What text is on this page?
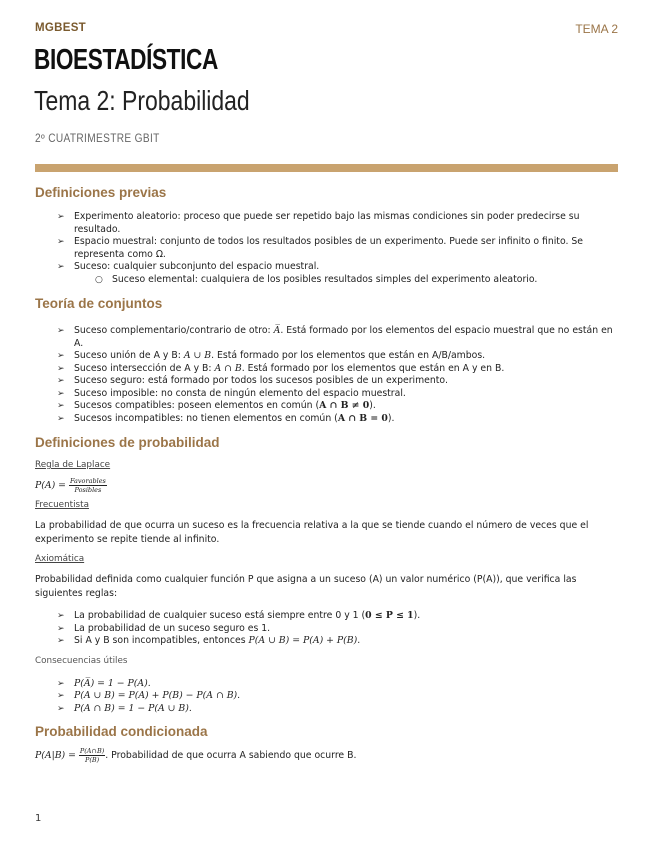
MGBEST	TEMA 2
BIOESTADÍSTICA
Tema 2: Probabilidad
2º CUATRIMESTRE GBIT
Definiciones previas
➢ Experimento aleatorio: proceso que puede ser repetido bajo las mismas condiciones sin poder predecirse su resultado.
➢ Espacio muestral: conjunto de todos los resultados posibles de un experimento. Puede ser infinito o finito. Se representa como Ω.
➢ Suceso: cualquier subconjunto del espacio muestral.
○ Suceso elemental: cualquiera de los posibles resultados simples del experimento aleatorio.
Teoría de conjuntos
➢ Suceso complementario/contrario de otro: A̅. Está formado por los elementos del espacio muestral que no están en A.
➢ Suceso unión de A y B: A ∪ B. Está formado por los elementos que están en A/B/ambos.
➢ Suceso intersección de A y B: A ∩ B. Está formado por los elementos que están en A y en B.
➢ Suceso seguro: está formado por todos los sucesos posibles de un experimento.
➢ Suceso imposible: no consta de ningún elemento del espacio muestral.
➢ Sucesos compatibles: poseen elementos en común (A ∩ B ≠ 0).
➢ Sucesos incompatibles: no tienen elementos en común (A ∩ B = 0).
Definiciones de probabilidad

Regla de Laplace

$P(A) = \frac{\text{Favorables}}{\text{Posibles}}$

Frecuentista

La probabilidad de que ocurra un suceso es la frecuencia relativa a la que se tiende cuando el número de veces que el experimento se repite tiende al infinito.

Axiomática

Probabilidad definida como cualquier función P que asigna a un suceso (A) un valor numérico (P(A)), que verifica las siguientes reglas:

➢ La probabilidad de cualquier suceso está siempre entre 0 y 1 (0 ≤ P ≤ 1).
➢ La probabilidad de un suceso seguro es 1.
➢ Si A y B son incompatibles, entonces P(A ∪ B) = P(A) + P(B).

Consecuencias útiles

➢ P(A̅) = 1 − P(A).
➢ P(A ∪ B) = P(A) + P(B) − P(A ∩ B).
➢ P(A ∩ B) = 1 − P(A ∪ B).
Probabilidad condicionada

$P(A|B) = \frac{P(A\cap B)}{P(B)}$ . Probabilidad de que ocurra A sabiendo que ocurre B.

1
